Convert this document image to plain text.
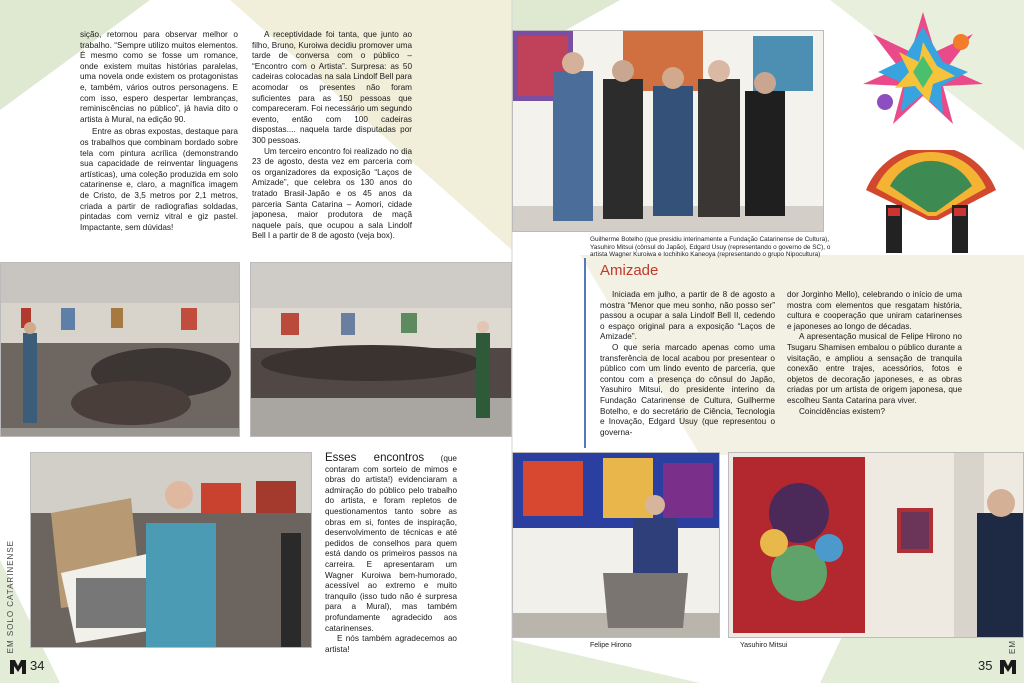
sição, retornou para observar melhor o trabalho. “Sempre utilizo muitos elementos. É mesmo como se fosse um romance, onde existem muitas histórias paralelas, uma novela onde existem os protagonistas e, também, vários outros personagens. E com isso, espero despertar lembranças, reminiscências no público”, já havia dito o artista à Mural, na edição 90.

Entre as obras expostas, destaque para os trabalhos que combinam bordado sobre tela com pintura acrílica (demonstrando sua capacidade de reinventar linguagens artísticas), uma coleção produzida em solo catarinense e, claro, a magnífica imagem de Cristo, de 3,5 metros por 2,1 metros, criada a partir de radiografias soldadas, pintadas com verniz vitral e giz pastel. Impactante, sem dúvidas!

A receptividade foi tanta, que junto ao filho, Bruno, Kuroiwa decidiu promover uma tarde de conversa com o público – “Encontro com o Artista”. Surpresa: as 50 cadeiras colocadas na sala Lindolf Bell para acomodar os presentes não foram suficientes para as 150 pessoas que compareceram. Foi necessário um segundo evento, então com 100 cadeiras dispostas.... naquela tarde disputadas por 300 pessoas.

Um terceiro encontro foi realizado no dia 23 de agosto, desta vez em parceria com os organizadores da exposição “Laços de Amizade”, que celebra os 130 anos do tratado Brasil-Japão e os 45 anos da parceria Santa Catarina – Aomori, cidade japonesa, maior produtora de maçã naquele país, que ocupou a sala Lindolf Bell I a partir de 8 de agosto (veja box).

Esses encontros (que contaram com sorteio de mimos e obras do artista!) evidenciaram a admiração do público pelo trabalho do artista, e foram repletos de questionamentos tanto sobre as obras em si, fontes de inspiração, desenvolvimento de técnicas e até pedidos de conselhos para quem está dando os primeiros passos na carreira. E apresentaram um Wagner Kuroiwa bem-humorado, acessível ao extremo e muito tranquilo (isso tudo não é surpresa para a Mural), mas também profundamente agradecido aos catarinenses.

E nós também agradecemos ao artista!

EM SOLO CATARINENSE
34
Guilherme Botelho (que presidiu interinamente a Fundação Catarinense de Cultura), Yasuhiro Mitsui (cônsul do Japão), Edgard Usuy (representando o governo de SC), o artista Wagner Kuroiwa e Iochihiko Kaneoya (representando o grupo Nipocultura)
Amizade

Iniciada em julho, a partir de 8 de agosto a mostra “Menor que meu sonho, não posso ser” passou a ocupar a sala Lindolf Bell II, cedendo o espaço original para a exposição “Laços de Amizade”.

O que seria marcado apenas como uma transferência de local acabou por presentear o público com um lindo evento de parceria, que contou com a presença do cônsul do Japão, Yasuhiro Mitsui, do presidente interino da Fundação Catarinense de Cultura, Guilherme Botelho, e do secretário de Ciência, Tecnologia e Inovação, Edgard Usuy (que representou o governa-

dor Jorginho Mello), celebrando o início de uma mostra com elementos que resgatam história, cultura e cooperação que uniram catarinenses e japoneses ao longo de décadas.

A apresentação musical de Felipe Hirono no Tsugaru Shamisen embalou o público durante a visitação, e ampliou a sensação de tranquila conexão entre trajes, acessórios, fotos e objetos de decoração japoneses, e as obras criadas por um artista de origem japonesa, que escolheu Santa Catarina para viver.

Coincidências existem?

Felipe Hirono	Yasuhiro Mitsui	EM
35
